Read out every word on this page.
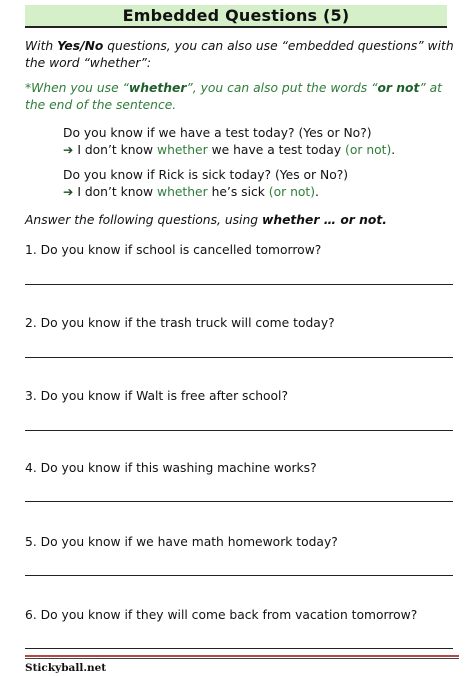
Embedded Questions (5)
With Yes/No questions, you can also use “embedded questions” with
the word “whether”:
*When you use “whether”, you can also put the words “or not” at
the end of the sentence.
Do you know if we have a test today? (Yes or No?)
➔ I don’t know whether we have a test today (or not).
Do you know if Rick is sick today? (Yes or No?)
➔ I don’t know whether he’s sick (or not).
Answer the following questions, using whether … or not.
1. Do you know if school is cancelled tomorrow?
2. Do you know if the trash truck will come today?
3. Do you know if Walt is free after school?
4. Do you know if this washing machine works?
5. Do you know if we have math homework today?
6. Do you know if they will come back from vacation tomorrow?
Stickyball.net
